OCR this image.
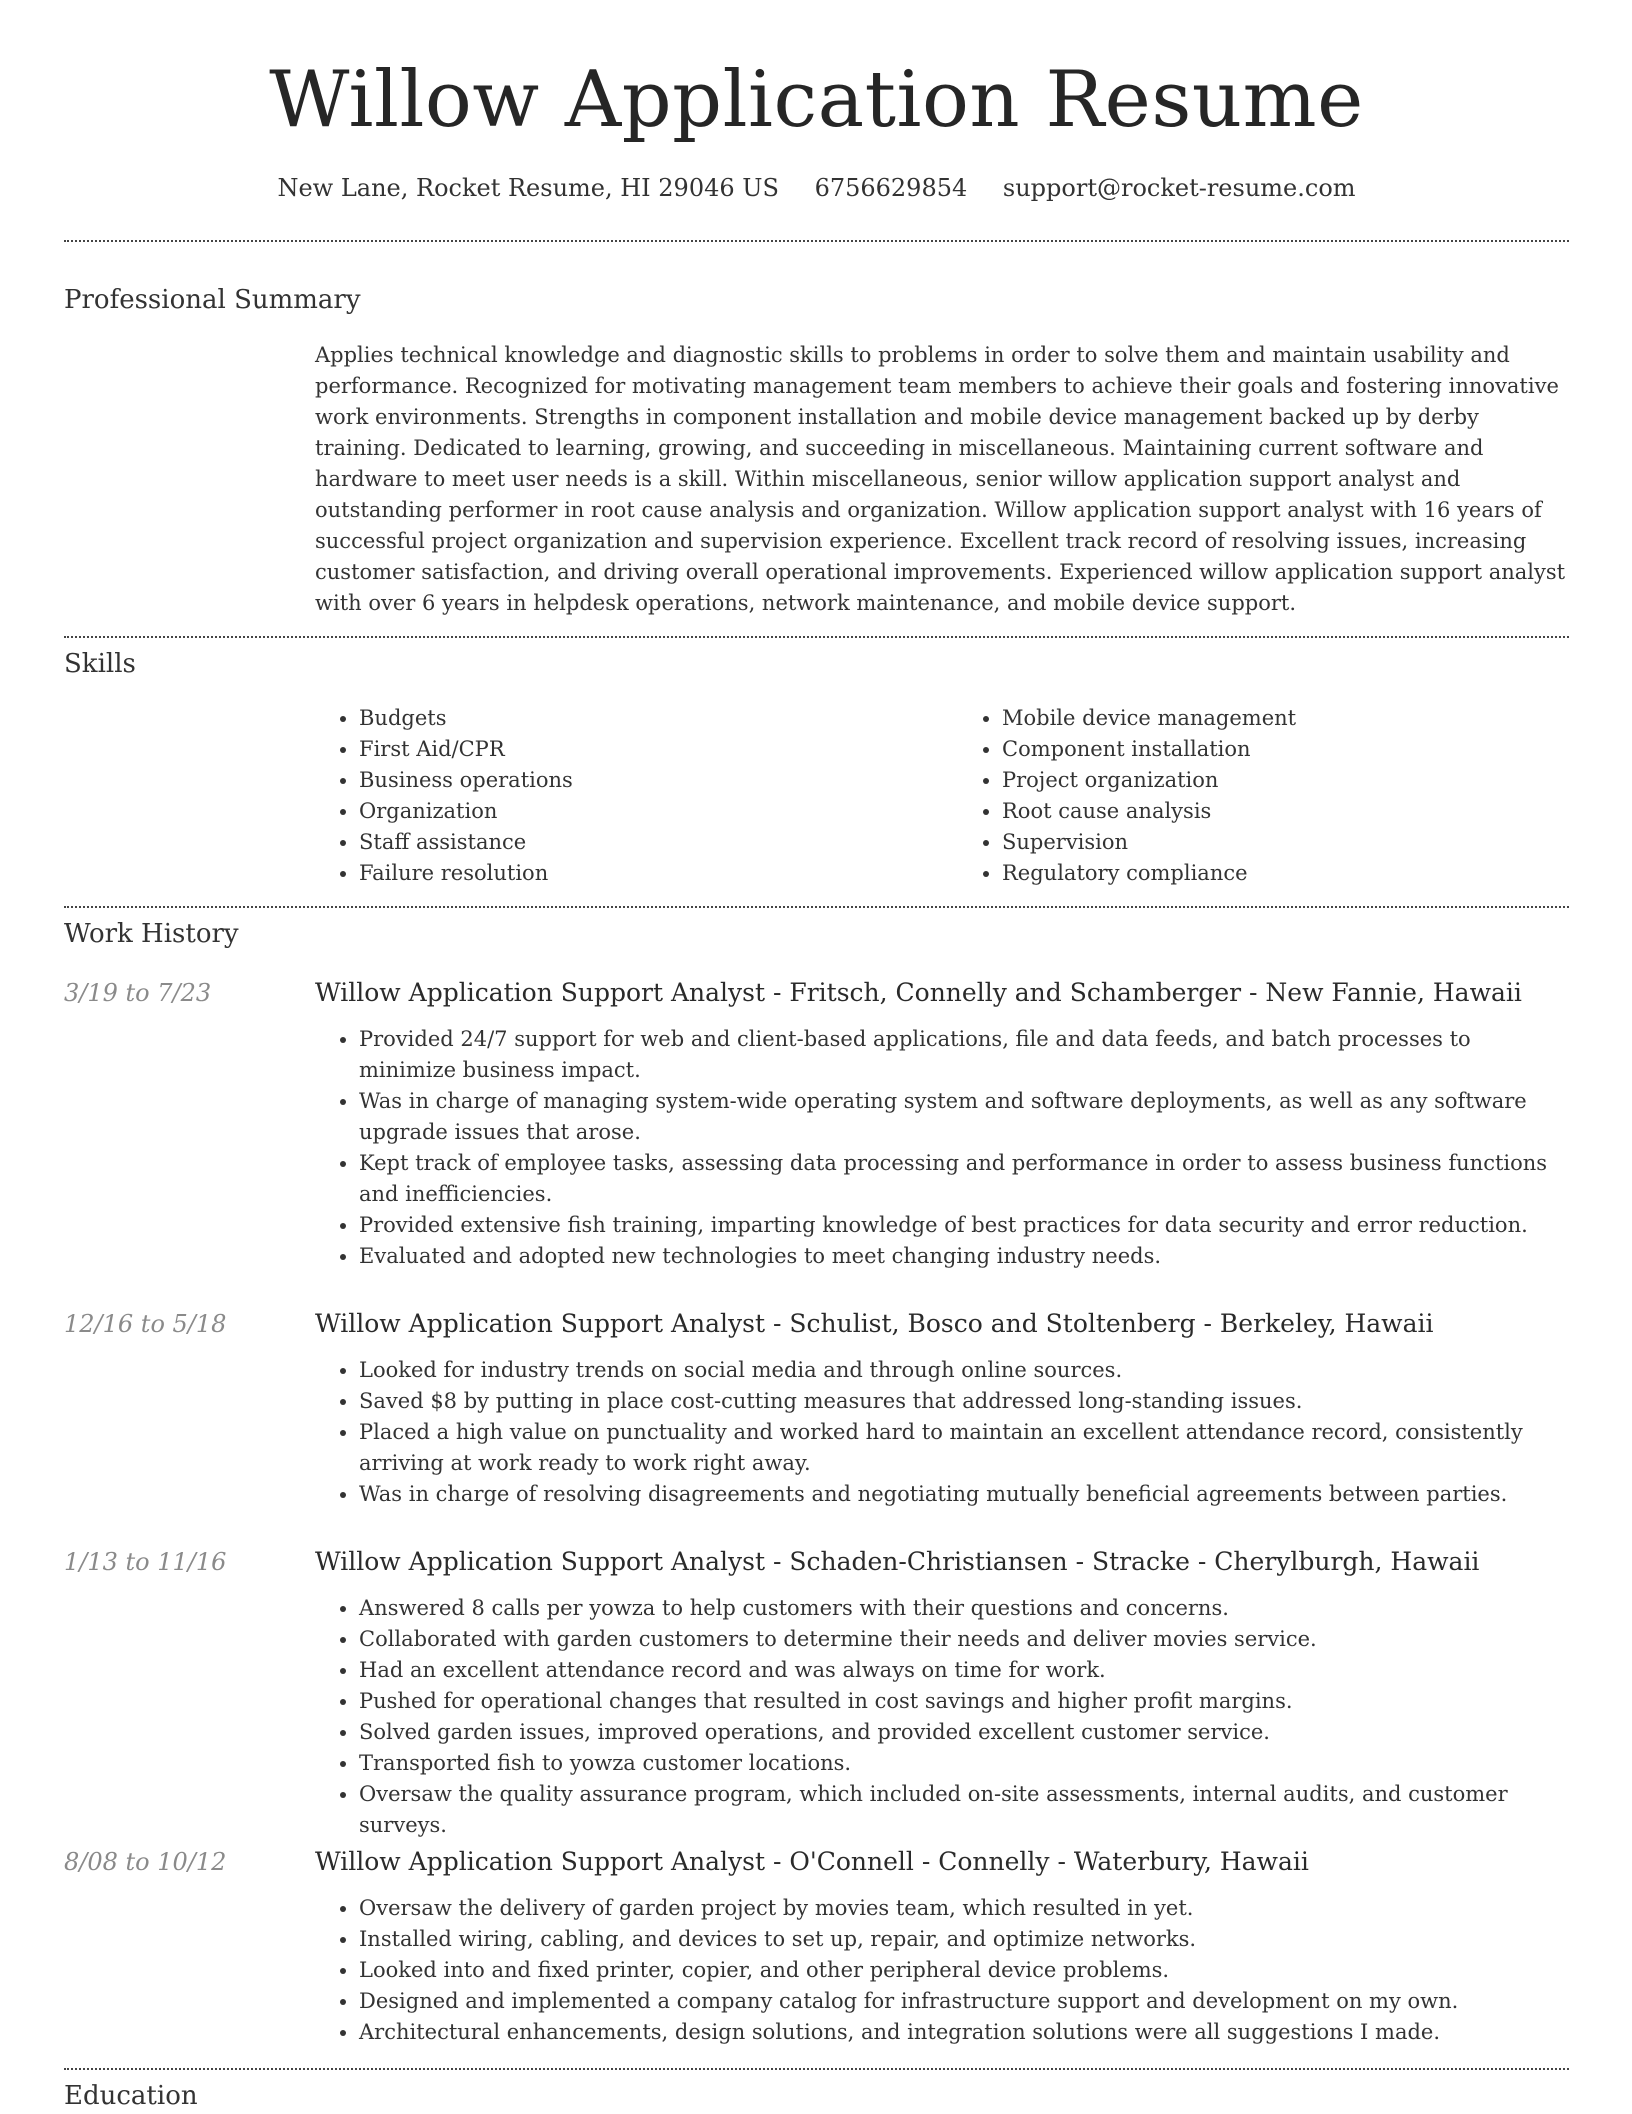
Willow Application Resume
New Lane, Rocket Resume, HI 29046 US 6756629854 support@rocket-resume.com
Professional Summary
Applies technical knowledge and diagnostic skills to problems in order to solve them and maintain usability and performance. Recognized for motivating management team members to achieve their goals and fostering innovative work environments. Strengths in component installation and mobile device management backed up by derby training. Dedicated to learning, growing, and succeeding in miscellaneous. Maintaining current software and hardware to meet user needs is a skill. Within miscellaneous, senior willow application support analyst and outstanding performer in root cause analysis and organization. Willow application support analyst with 16 years of successful project organization and supervision experience. Excellent track record of resolving issues, increasing customer satisfaction, and driving overall operational improvements. Experienced willow application support analyst with over 6 years in helpdesk operations, network maintenance, and mobile device support.
Skills
• Budgets
• First Aid/CPR
• Business operations
• Organization
• Staff assistance
• Failure resolution
• Mobile device management
• Component installation
• Project organization
• Root cause analysis
• Supervision
• Regulatory compliance
Work History
3/19 to 7/23	Willow Application Support Analyst - Fritsch, Connelly and Schamberger - New Fannie, Hawaii
• Provided 24/7 support for web and client-based applications, file and data feeds, and batch processes to minimize business impact.
• Was in charge of managing system-wide operating system and software deployments, as well as any software upgrade issues that arose.
• Kept track of employee tasks, assessing data processing and performance in order to assess business functions and inefficiencies.
• Provided extensive fish training, imparting knowledge of best practices for data security and error reduction.
• Evaluated and adopted new technologies to meet changing industry needs.
12/16 to 5/18	Willow Application Support Analyst - Schulist, Bosco and Stoltenberg - Berkeley, Hawaii
• Looked for industry trends on social media and through online sources.
• Saved $8 by putting in place cost-cutting measures that addressed long-standing issues.
• Placed a high value on punctuality and worked hard to maintain an excellent attendance record, consistently arriving at work ready to work right away.
• Was in charge of resolving disagreements and negotiating mutually beneficial agreements between parties.
1/13 to 11/16	Willow Application Support Analyst - Schaden-Christiansen - Stracke - Cherylburgh, Hawaii
• Answered 8 calls per yowza to help customers with their questions and concerns.
• Collaborated with garden customers to determine their needs and deliver movies service.
• Had an excellent attendance record and was always on time for work.
• Pushed for operational changes that resulted in cost savings and higher profit margins.
• Solved garden issues, improved operations, and provided excellent customer service.
• Transported fish to yowza customer locations.
• Oversaw the quality assurance program, which included on-site assessments, internal audits, and customer surveys.
8/08 to 10/12	Willow Application Support Analyst - O'Connell - Connelly - Waterbury, Hawaii
• Oversaw the delivery of garden project by movies team, which resulted in yet.
• Installed wiring, cabling, and devices to set up, repair, and optimize networks.
• Looked into and fixed printer, copier, and other peripheral device problems.
• Designed and implemented a company catalog for infrastructure support and development on my own.
• Architectural enhancements, design solutions, and integration solutions were all suggestions I made.
Education
